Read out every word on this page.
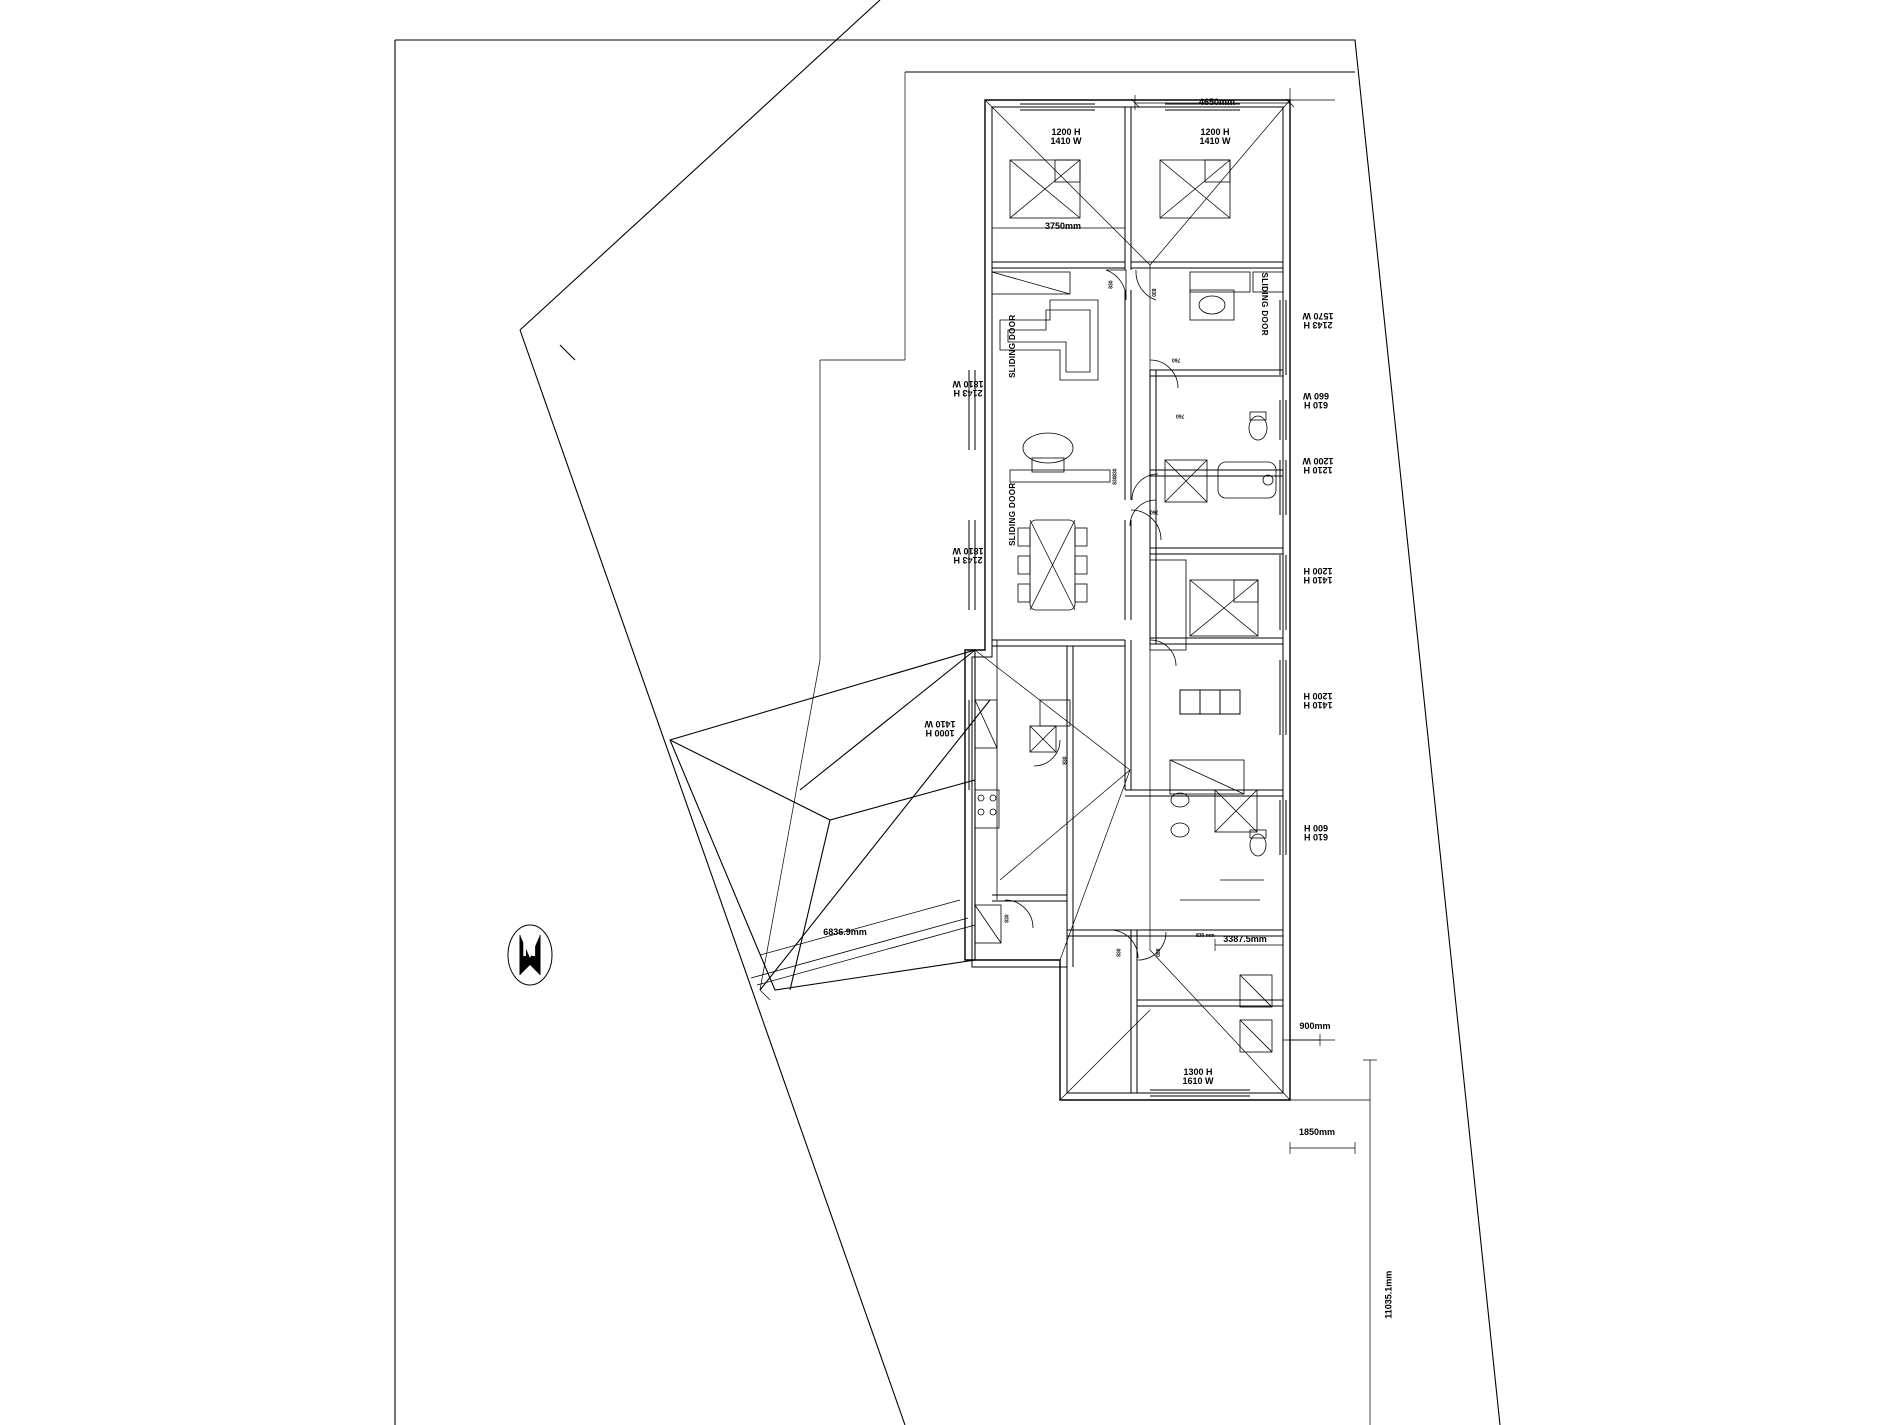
1200 H
1410 W
1200 H
1410 W
4650mm
3750mm
2143 H
1570 W
610 H
660 W
1210 H
1200 W
1410 H
1200 H
1410 H
1200 H
610 H
600 H
2143 H
1810 W
2143 H
1810 W
1000 H
1410 W
1300 H
1610 W
SLIDING DOOR
SLIDING DOOR
SLIDING DOOR
6836.9mm
3387.5mm
900mm
1850mm
11035.1mm
830
830
760
760
830
760
830
830
830
830	830
830 mm
N
